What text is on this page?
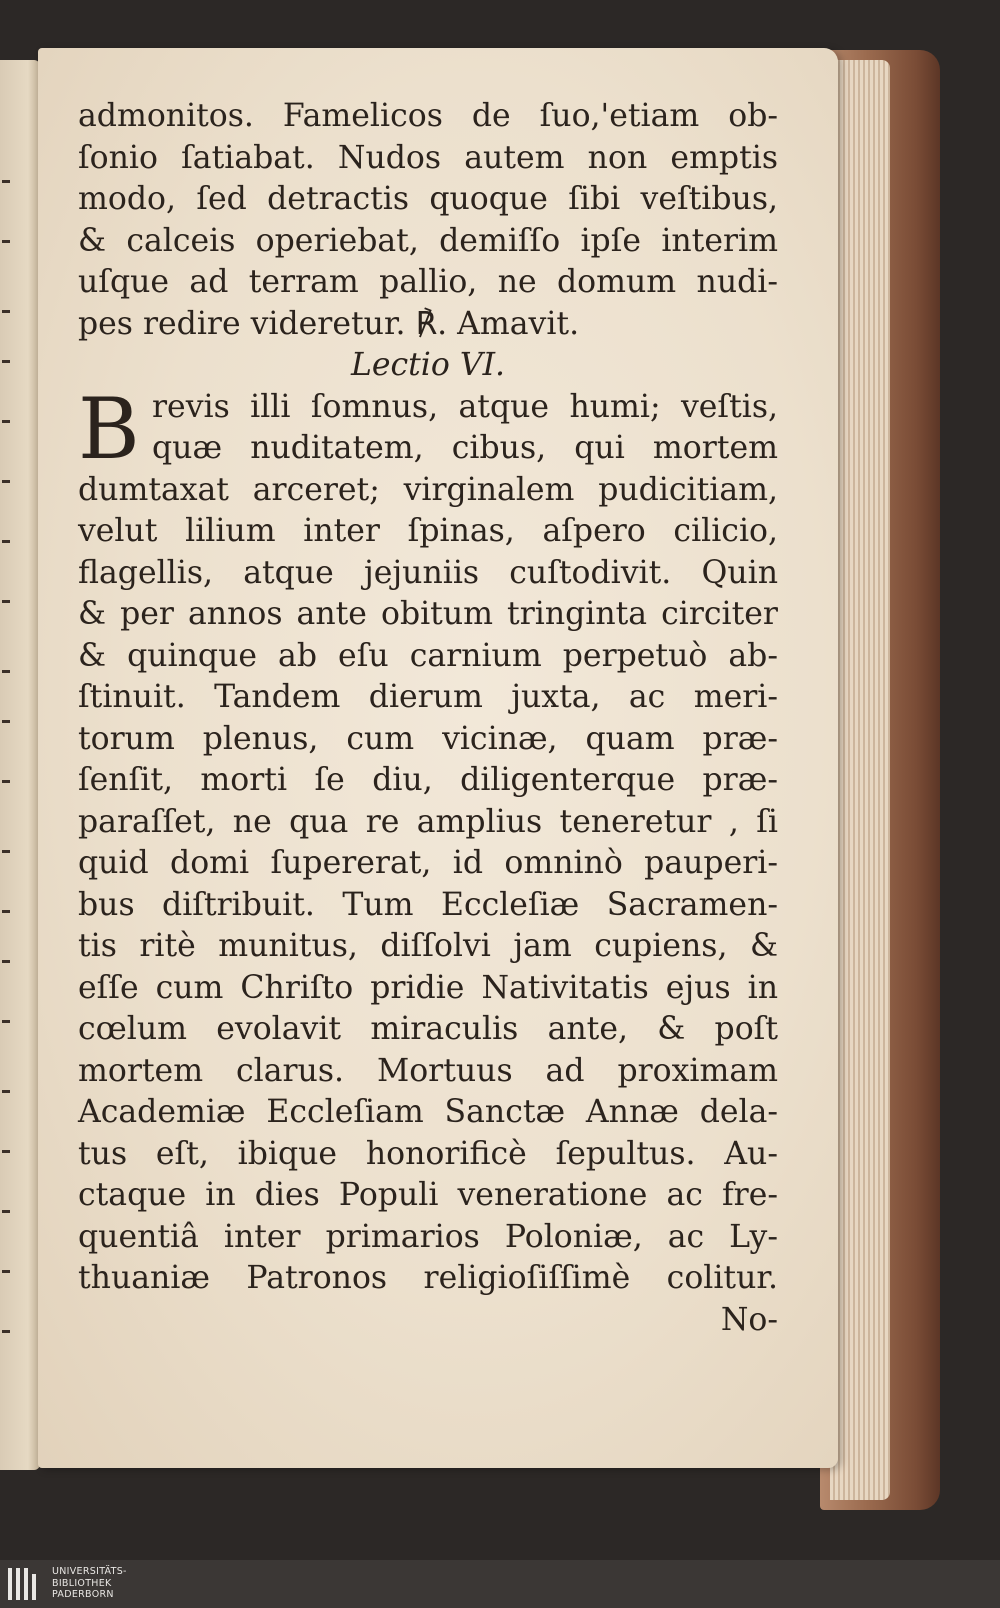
admonitos. Famelicos de ſuo,'etiam ob-
ſonio ſatiabat. Nudos autem non emptis
modo, ſed detractis quoque ſibi veſtibus,
& calceis operiebat, demiſſo ipſe interim
uſque ad terram pallio, ne domum nudi-
pes redire videretur. ℟. Amavit.
Lectio VI.
B revis illi ſomnus, atque humi; veſtis,
quæ nuditatem, cibus, qui mortem
dumtaxat arceret; virginalem pudicitiam,
velut lilium inter ſpinas, aſpero cilicio,
flagellis, atque jejuniis cuſtodivit. Quin
& per annos ante obitum tringinta circiter
& quinque ab eſu carnium perpetuò ab-
ſtinuit. Tandem dierum juxta, ac meri-
torum plenus, cum vicinæ, quam præ-
ſenſit, morti ſe diu, diligenterque præ-
paraſſet, ne qua re amplius teneretur , ſi
quid domi ſupererat, id omninò pauperi-
bus diſtribuit. Tum Eccleſiæ Sacramen-
tis ritè munitus, diſſolvi jam cupiens, &
eſſe cum Chriſto pridie Nativitatis ejus in
cœlum evolavit miraculis ante, & poſt
mortem clarus. Mortuus ad proximam
Academiæ Eccleſiam Sanctæ Annæ dela-
tus eſt, ibique honorificè ſepultus. Au-
ctaque in dies Populi veneratione ac fre-
quentiâ inter primarios Poloniæ, ac Ly-
thuaniæ Patronos religioſiſſimè colitur.
No-
UNIVERSITÄTS-
BIBLIOTHEK
PADERBORN
